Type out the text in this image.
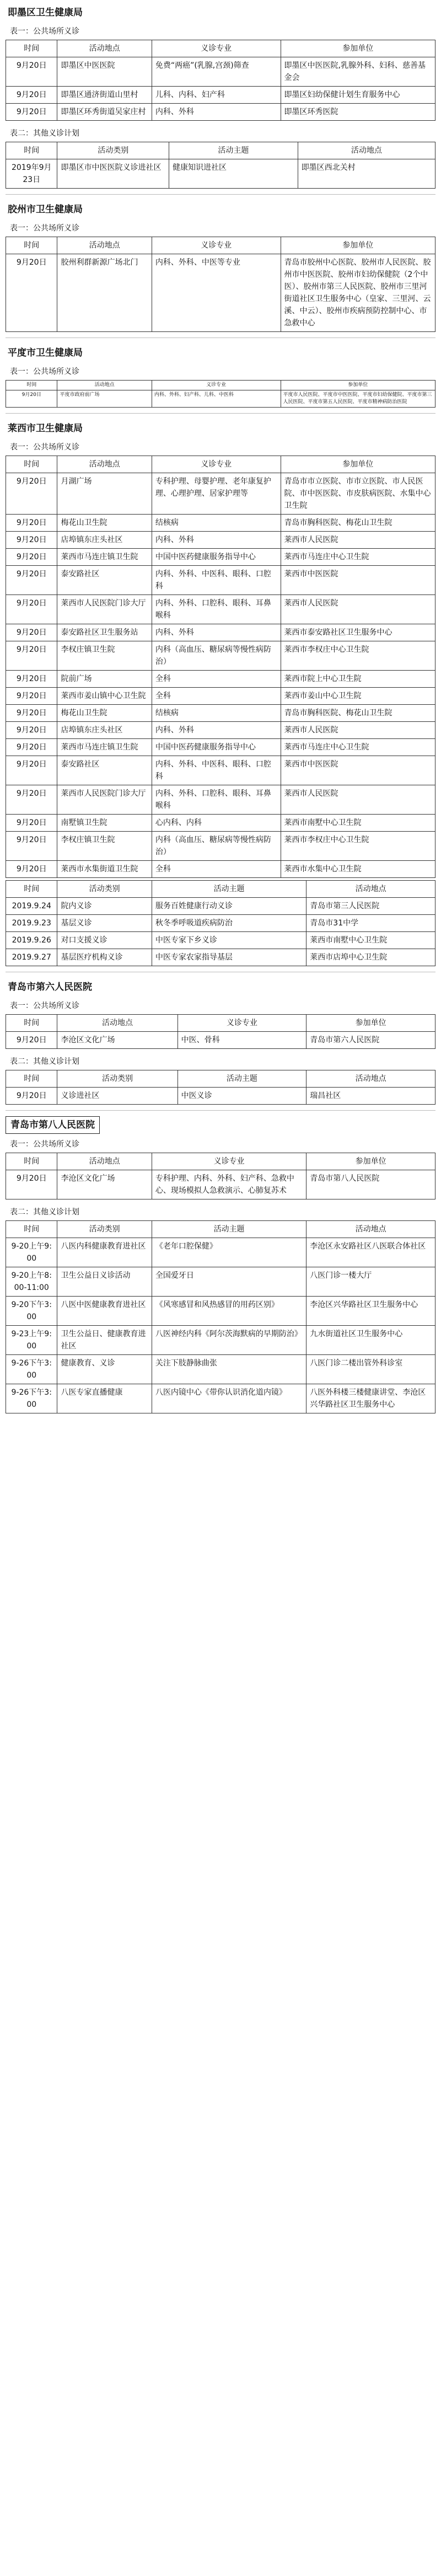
即墨区卫生健康局
表一：公共场所义诊
时间	活动地点	义诊专业	参加单位
9月20日	即墨区中医医院	免费“两癌”(乳腺,宫颈)筛查	即墨区中医医院,乳腺外科、妇科、慈善基金会
9月20日	即墨区通济街道山里村	儿科、内科、妇产科	即墨区妇幼保健计划生育服务中心
9月20日	即墨区环秀街道吴家庄村	内科、外科	即墨区环秀医院
表二：其他义诊计划
时间	活动类别	活动主题	活动地点
2019年9月23日	即墨区市中医医院义诊进社区	健康知识进社区	即墨区西北关村
胶州市卫生健康局
表一：公共场所义诊
时间	活动地点	义诊专业	参加单位
9月20日	胶州利群新源广场北门	内科、外科、中医等专业	青岛市胶州中心医院、胶州市人民医院、胶州市中医医院、胶州市妇幼保健院（2个中医）、胶州市第三人民医院、胶州市三里河街道社区卫生服务中心（皇家、三里河、云溪、中云）、胶州市疾病预防控制中心、市急救中心
平度市卫生健康局
表一：公共场所义诊
时间	活动地点	义诊专业	参加单位
9月20日	平度市政府前广场	内科、外科、妇产科、儿科、中医科	平度市人民医院、平度市中医医院、平度市妇幼保健院、平度市第三人民医院、平度市第五人民医院、平度市精神病防治医院
莱西市卫生健康局
表一：公共场所义诊
时间	活动地点	义诊专业	参加单位
9月20日	月湖广场	专科护理、母婴护理、老年康复护理、心理护理、居家护理等	青岛市市立医院、市市立医院、市人民医院、市中医医院、市皮肤病医院、水集中心卫生院
9月20日	梅花山卫生院	结核病	青岛市胸科医院、梅花山卫生院
9月20日	店埠镇东庄头社区	内科、外科	莱西市人民医院
9月20日	莱西市马连庄镇卫生院	中国中医药健康服务指导中心	莱西市马连庄中心卫生院
9月20日	泰安路社区	内科、外科、中医科、眼科、口腔科	莱西市中医医院
9月20日	莱西市人民医院门诊大厅	内科、外科、口腔科、眼科、耳鼻喉科	莱西市人民医院
9月20日	泰安路社区卫生服务站	内科、外科	莱西市泰安路社区卫生服务中心
9月20日	李权庄镇卫生院	内科（高血压、糖尿病等慢性病防治）	莱西市李权庄中心卫生院
9月20日	院前广场	全科	莱西市院上中心卫生院
9月20日	莱西市姜山镇中心卫生院	全科	莱西市姜山中心卫生院
9月20日	梅花山卫生院	结核病	青岛市胸科医院、梅花山卫生院
9月20日	店埠镇东庄头社区	内科、外科	莱西市人民医院
9月20日	莱西市马连庄镇卫生院	中国中医药健康服务指导中心	莱西市马连庄中心卫生院
9月20日	泰安路社区	内科、外科、中医科、眼科、口腔科	莱西市中医医院
9月20日	莱西市人民医院门诊大厅	内科、外科、口腔科、眼科、耳鼻喉科	莱西市人民医院
9月20日	南墅镇卫生院	心内科、内科	莱西市南墅中心卫生院
9月20日	李权庄镇卫生院	内科（高血压、糖尿病等慢性病防治）	莱西市李权庄中心卫生院
9月20日	莱西市水集街道卫生院	全科	莱西市水集中心卫生院
时间	活动类别	活动主题	活动地点
2019.9.24	院内义诊	服务百姓健康行动义诊	青岛市第三人民医院
2019.9.23	基层义诊	秋冬季呼吸道疾病防治	青岛市31中学
2019.9.26	对口支援义诊	中医专家下乡义诊	莱西市南墅中心卫生院
2019.9.27	基层医疗机构义诊	中医专家农家指导基层	莱西市店埠中心卫生院
青岛市第六人民医院
表一：公共场所义诊
时间	活动地点	义诊专业	参加单位
9月20日	李沧区文化广场	中医、骨科	青岛市第六人民医院
表二：其他义诊计划
时间	活动类别	活动主题	活动地点
9月20日	义诊进社区	中医义诊	瑞昌社区
青岛市第八人民医院
表一：公共场所义诊
时间	活动地点	义诊专业	参加单位
9月20日	李沧区文化广场	专科护理、内科、外科、妇产科、急救中心、现场模拟人急救演示、心肺复苏术	青岛市第八人民医院
表二：其他义诊计划
时间	活动类别	活动主题	活动地点
9-20上午9:00	八医内科健康教育进社区	《老年口腔保健》	李沧区永安路社区八医联合体社区
9-20上午8:00-11:00	卫生公益日义诊活动	全国爱牙日	八医门诊一楼大厅
9-20下午3:00	八医中医健康教育进社区	《风寒感冒和风热感冒的用药区别》	李沧区兴华路社区卫生服务中心
9-23上午9:00	卫生公益日、健康教育进社区	八医神经内科《阿尔茨海默病的早期防治》	九水街道社区卫生服务中心
9-26下午3:00	健康教育、义诊	关注下肢静脉曲张	八医门诊二楼出管外科诊室
9-26下午3:00	八医专家直播健康	八医内镜中心《带你认识消化道内镜》	八医外科楼三楼健康讲堂、李沧区兴华路社区卫生服务中心
